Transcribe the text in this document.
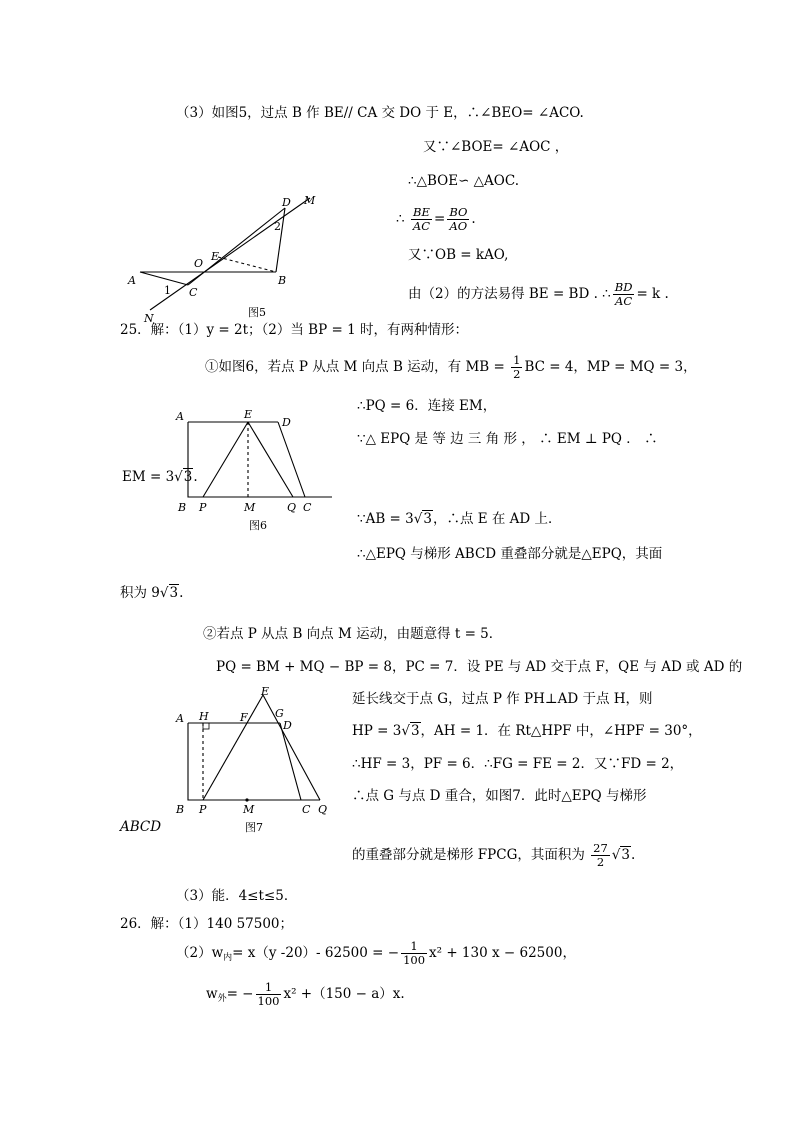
（3）如图5，过点 B 作 BE// CA 交 DO 于 E，∴∠BEO= ∠ACO.
又∵∠BOE= ∠AOC ，
∴△BOE∽ △AOC.
∴ $\frac{BE}{AC} = \frac{BO}{AO}$ .
又∵OB = kAO,
由（2）的方法易得 BE = BD . ∴ $\frac{BD}{AC} = k$ .
D M
2
E
O
A	B
1 C
N	图5
25．解：（1）y = 2t；（2）当 BP = 1 时，有两种情形：
①如图6，若点 P 从点 M 向点 B 运动，有 MB = $\frac{1}{2}$ BC = 4，MP = MQ = 3，
∴PQ = 6．连接 EM，
∵△ EPQ 是 等 边 三 角 形 ， ∴ EM ⊥ PQ ． ∴
EM = 3√3.
∵AB = 3√3，∴点 E 在 AD 上．
∴△EPQ 与梯形 ABCD 重叠部分就是△EPQ，其面
积为 9√3.
A	E
D
B P	M	Q C
图6
②若点 P 从点 B 向点 M 运动，由题意得 t = 5．
PQ = BM + MQ − BP = 8，PC = 7．设 PE 与 AD 交于点 F，QE 与 AD 或 AD 的
延长线交于点 G，过点 P 作 PH⊥AD 于点 H，则
HP = 3√3，AH = 1．在 Rt△HPF 中，∠HPF = 30°，
∴HF = 3，PF = 6．∴FG = FE = 2．又∵FD = 2，
∴点 G 与点 D 重合，如图7．此时△EPQ 与梯形
ABCD
的重叠部分就是梯形 FPCG，其面积为 $\frac{27}{2} √3$.
A H	F
E
G
D
B P	M	C Q
图7
（3）能．4≤t≤5．
26．解：（1）140 57500；
$(2)w_内= x(y$ -20）- 62500 = − $\frac{1}{100} x^2 + 130$ x − 62500，
$w_外= - \frac{1}{100} x^2 +(150 - a)x$.
